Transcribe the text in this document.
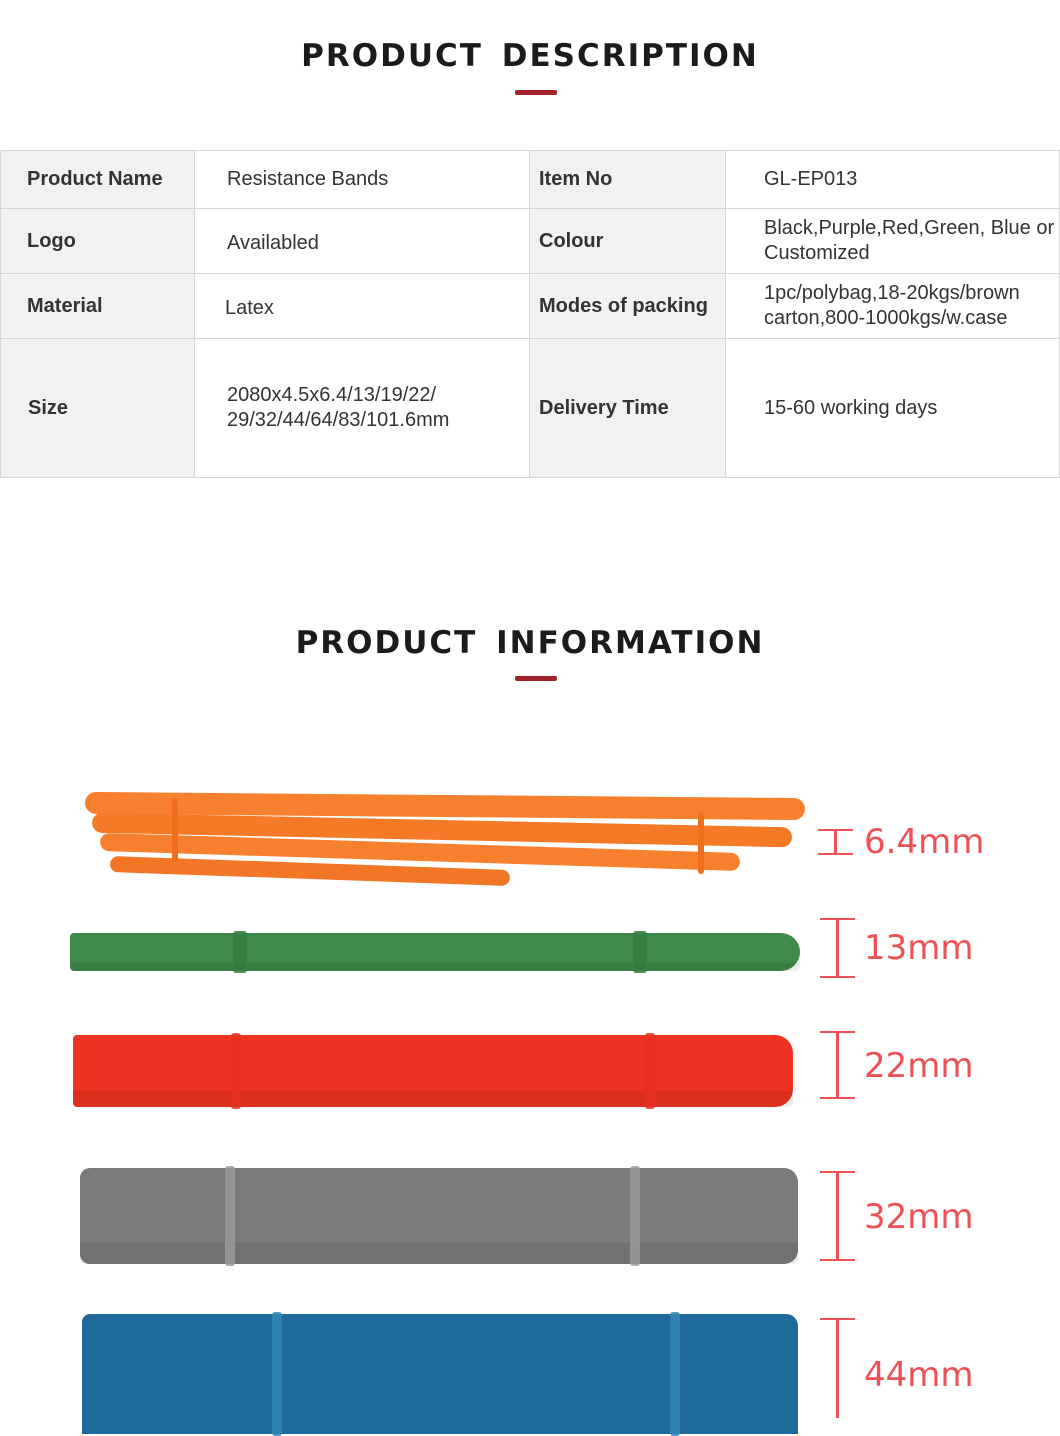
PRODUCT DESCRIPTION
Product Name	Resistance Bands	Item No	GL-EP013
Logo	Availabled	Colour	Black,Purple,Red,Green, Blue or Customized
Material	Latex	Modes of packing	1pc/polybag,18-20kgs/brown carton,800-1000kgs/w.case
Size	2080x4.5x6.4/13/19/22/ 29/32/44/64/83/101.6mm	Delivery Time	15-60 working days
PRODUCT INFORMATION
6.4mm
13mm
22mm
32mm
44mm
